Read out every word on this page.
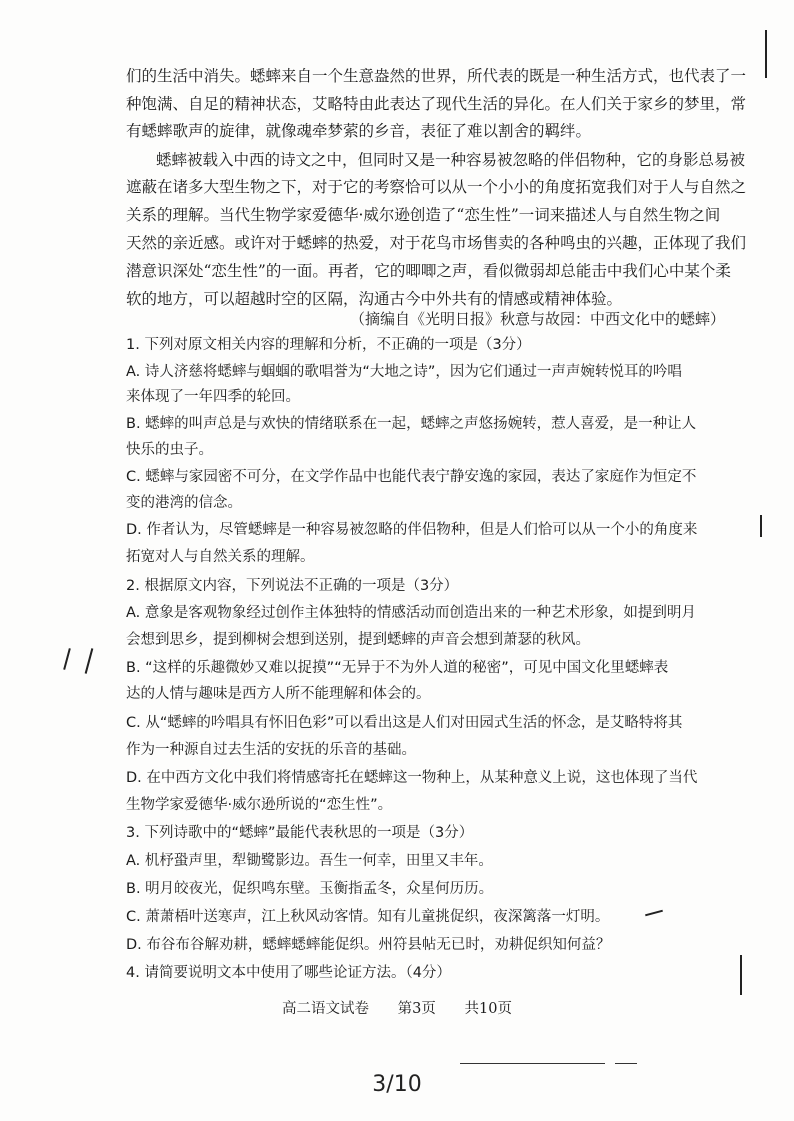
们的生活中消失。蟋蟀来自一个生意盎然的世界，所代表的既是一种生活方式，也代表了一
种饱满、自足的精神状态，艾略特由此表达了现代生活的异化。在人们关于家乡的梦里，常
有蟋蟀歌声的旋律，就像魂牵梦萦的乡音，表征了难以割舍的羁绊。
蟋蟀被载入中西的诗文之中，但同时又是一种容易被忽略的伴侣物种，它的身影总易被
遮蔽在诸多大型生物之下，对于它的考察恰可以从一个小小的角度拓宽我们对于人与自然之
关系的理解。当代生物学家爱德华·威尔逊创造了“恋生性”一词来描述人与自然生物之间
天然的亲近感。或许对于蟋蟀的热爱，对于花鸟市场售卖的各种鸣虫的兴趣，正体现了我们
潜意识深处“恋生性”的一面。再者，它的唧唧之声，看似微弱却总能击中我们心中某个柔
软的地方，可以超越时空的区隔，沟通古今中外共有的情感或精神体验。
（摘编自《光明日报》秋意与故园：中西文化中的蟋蟀）
1. 下列对原文相关内容的理解和分析，不正确的一项是（3分）
A. 诗人济慈将蟋蟀与蝈蝈的歌唱誉为“大地之诗”，因为它们通过一声声婉转悦耳的吟唱
来体现了一年四季的轮回。
B. 蟋蟀的叫声总是与欢快的情绪联系在一起，蟋蟀之声悠扬婉转，惹人喜爱，是一种让人
快乐的虫子。
C. 蟋蟀与家园密不可分，在文学作品中也能代表宁静安逸的家园，表达了家庭作为恒定不
变的港湾的信念。
D. 作者认为，尽管蟋蟀是一种容易被忽略的伴侣物种，但是人们恰可以从一个小的角度来
拓宽对人与自然关系的理解。
2. 根据原文内容，下列说法不正确的一项是（3分）
A. 意象是客观物象经过创作主体独特的情感活动而创造出来的一种艺术形象，如提到明月
会想到思乡，提到柳树会想到送别，提到蟋蟀的声音会想到萧瑟的秋风。
B. “这样的乐趣微妙又难以捉摸”“无异于不为外人道的秘密”，可见中国文化里蟋蟀表
达的人情与趣味是西方人所不能理解和体会的。
C. 从“蟋蟀的吟唱具有怀旧色彩”可以看出这是人们对田园式生活的怀念，是艾略特将其
作为一种源自过去生活的安抚的乐音的基础。
D. 在中西方文化中我们将情感寄托在蟋蟀这一物种上，从某种意义上说，这也体现了当代
生物学家爱德华·威尔逊所说的“恋生性”。
3. 下列诗歌中的“蟋蟀”最能代表秋思的一项是（3分）
A. 机杼蛩声里，犁锄鹭影边。吾生一何幸，田里又丰年。
B. 明月皎夜光，促织鸣东壁。玉衡指孟冬，众星何历历。
C. 萧萧梧叶送寒声，江上秋风动客情。知有儿童挑促织，夜深篱落一灯明。
D. 布谷布谷解劝耕，蟋蟀蟋蟀能促织。州符县帖无已时，劝耕促织知何益？
4. 请简要说明文本中使用了哪些论证方法。（4分）
高二语文试卷 第3页 共10页
3/10
